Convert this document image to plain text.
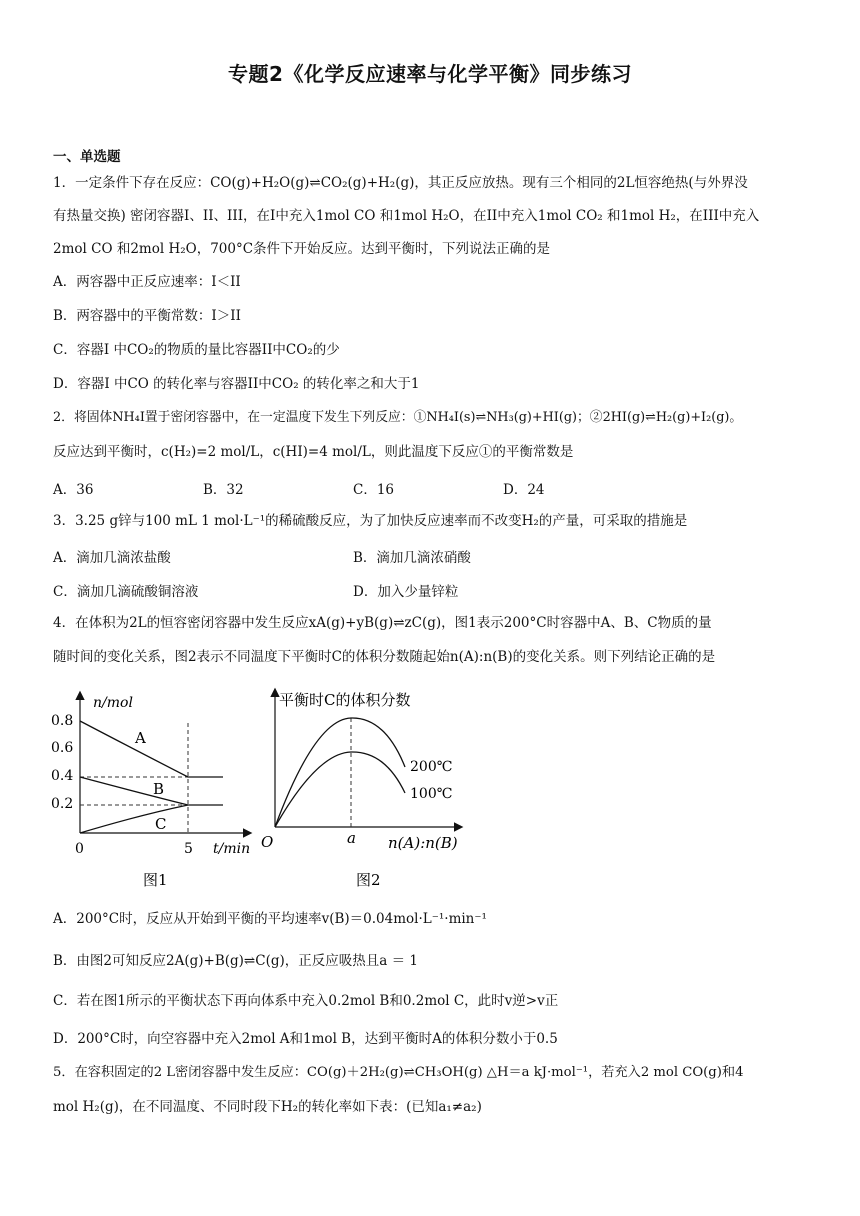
专题2《化学反应速率与化学平衡》同步练习
一、单选题
1．一定条件下存在反应：CO(g)+H₂O(g)⇌CO₂(g)+H₂(g)，其正反应放热。现有三个相同的2L恒容绝热(与外界没
有热量交换) 密闭容器I、II、III，在I中充入1mol CO 和1mol H₂O，在II中充入1mol CO₂ 和1mol H₂，在III中充入
2mol CO 和2mol H₂O，700°C条件下开始反应。达到平衡时，下列说法正确的是
A．两容器中正反应速率：I＜II
B．两容器中的平衡常数：I＞II
C．容器I 中CO₂的物质的量比容器II中CO₂的少
D．容器I 中CO 的转化率与容器II中CO₂ 的转化率之和大于1
2．将固体NH₄I置于密闭容器中，在一定温度下发生下列反应：①NH₄I(s)⇌NH₃(g)+HI(g)；②2HI(g)⇌H₂(g)+I₂(g)。
反应达到平衡时，c(H₂)=2 mol/L，c(HI)=4 mol/L，则此温度下反应①的平衡常数是
A．36	B．32	C．16	D．24
3．3.25 g锌与100 mL 1 mol·L⁻¹的稀硫酸反应，为了加快反应速率而不改变H₂的产量，可采取的措施是
A．滴加几滴浓盐酸	B．滴加几滴浓硝酸
C．滴加几滴硫酸铜溶液	D．加入少量锌粒
4．在体积为2L的恒容密闭容器中发生反应xA(g)+yB(g)⇌zC(g)，图1表示200°C时容器中A、B、C物质的量
随时间的变化关系，图2表示不同温度下平衡时C的体积分数随起始n(A):n(B)的变化关系。则下列结论正确的是
n/mol
t/min
0.8
0.6
0.4
0.2
0	5
A
B
C
图1
平衡时C的体积分数
O	a n(A):n(B)
200℃
100℃
图2
A．200°C时，反应从开始到平衡的平均速率v(B)＝0.04mol·L⁻¹·min⁻¹
B．由图2可知反应2A(g)+B(g)⇌C(g)，正反应吸热且a ＝ 1
C．若在图1所示的平衡状态下再向体系中充入0.2mol B和0.2mol C，此时v逆>v正
D．200°C时，向空容器中充入2mol A和1mol B，达到平衡时A的体积分数小于0.5
5．在容积固定的2 L密闭容器中发生反应：CO(g)＋2H₂(g)⇌CH₃OH(g) △H＝a kJ·mol⁻¹，若充入2 mol CO(g)和4
mol H₂(g)，在不同温度、不同时段下H₂的转化率如下表：(已知a₁≠a₂)
